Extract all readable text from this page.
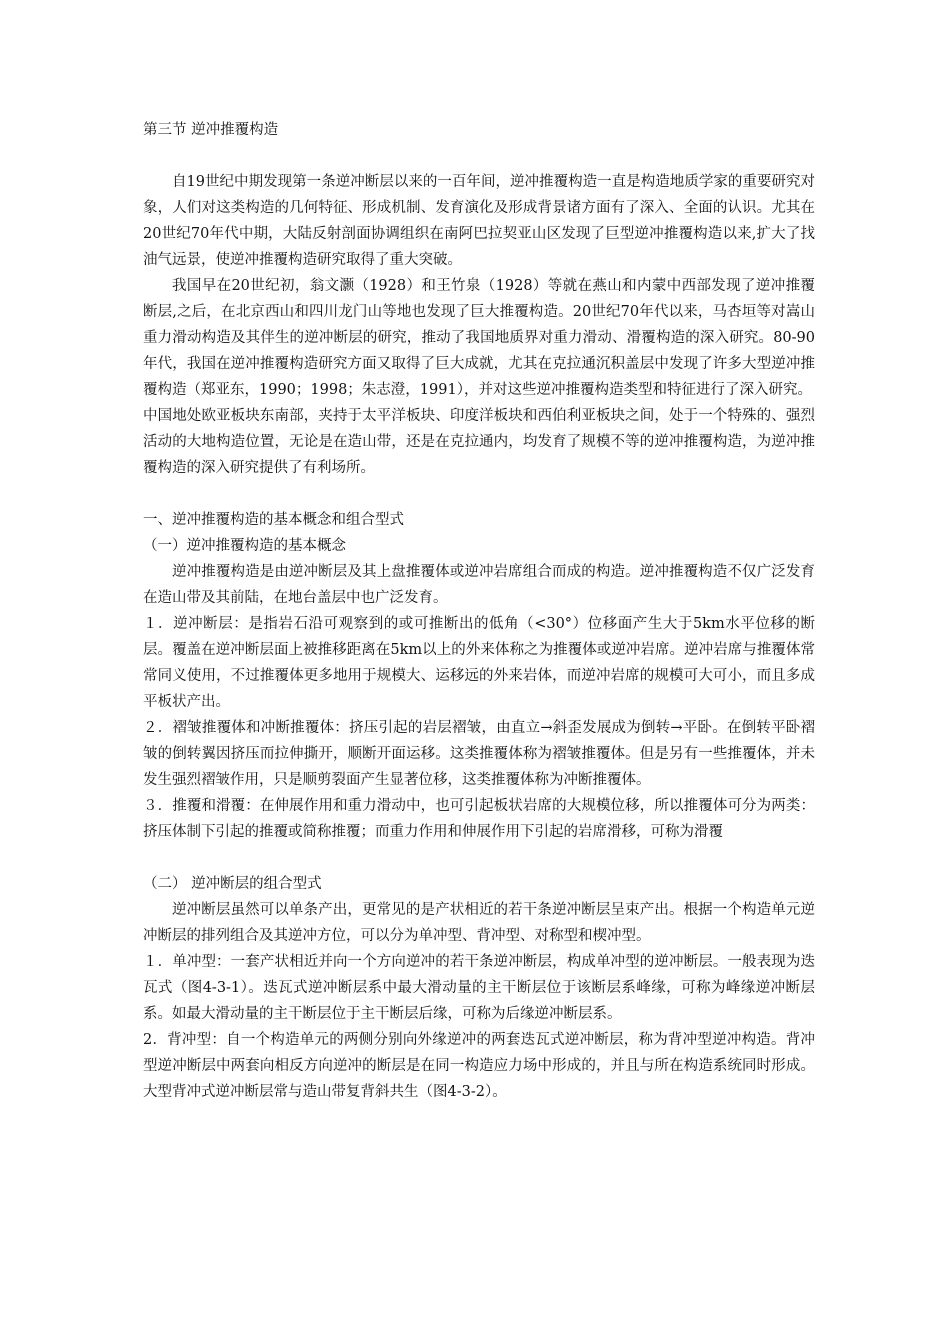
第三节 逆冲推覆构造

自19世纪中期发现第一条逆冲断层以来的一百年间，逆冲推覆构造一直是构造地质学家的重要研究对象，人们对这类构造的几何特征、形成机制、发育演化及形成背景诸方面有了深入、全面的认识。尤其在20世纪70年代中期，大陆反射剖面协调组织在南阿巴拉契亚山区发现了巨型逆冲推覆构造以来,扩大了找油气远景，使逆冲推覆构造研究取得了重大突破。

我国早在20世纪初，翁文灏（1928）和王竹泉（1928）等就在燕山和内蒙中西部发现了逆冲推覆断层,之后，在北京西山和四川龙门山等地也发现了巨大推覆构造。20世纪70年代以来，马杏垣等对嵩山重力滑动构造及其伴生的逆冲断层的研究，推动了我国地质界对重力滑动、滑覆构造的深入研究。80-90年代，我国在逆冲推覆构造研究方面又取得了巨大成就，尤其在克拉通沉积盖层中发现了许多大型逆冲推覆构造（郑亚东，1990；1998；朱志澄，1991），并对这些逆冲推覆构造类型和特征进行了深入研究。

中国地处欧亚板块东南部，夹持于太平洋板块、印度洋板块和西伯利亚板块之间，处于一个特殊的、强烈活动的大地构造位置，无论是在造山带，还是在克拉通内，均发育了规模不等的逆冲推覆构造，为逆冲推覆构造的深入研究提供了有利场所。

一、逆冲推覆构造的基本概念和组合型式

（一）逆冲推覆构造的基本概念

逆冲推覆构造是由逆冲断层及其上盘推覆体或逆冲岩席组合而成的构造。逆冲推覆构造不仅广泛发育在造山带及其前陆，在地台盖层中也广泛发育。

１．逆冲断层：是指岩石沿可观察到的或可推断出的低角（<30°）位移面产生大于5km水平位移的断层。覆盖在逆冲断层面上被推移距离在5km以上的外来体称之为推覆体或逆冲岩席。逆冲岩席与推覆体常常同义使用，不过推覆体更多地用于规模大、运移远的外来岩体，而逆冲岩席的规模可大可小，而且多成平板状产出。

２．褶皱推覆体和冲断推覆体：挤压引起的岩层褶皱，由直立→斜歪发展成为倒转→平卧。在倒转平卧褶皱的倒转翼因挤压而拉伸撕开，顺断开面运移。这类推覆体称为褶皱推覆体。但是另有一些推覆体，并未发生强烈褶皱作用，只是顺剪裂面产生显著位移，这类推覆体称为冲断推覆体。

３．推覆和滑覆：在伸展作用和重力滑动中，也可引起板状岩席的大规模位移，所以推覆体可分为两类：挤压体制下引起的推覆或简称推覆；而重力作用和伸展作用下引起的岩席滑移，可称为滑覆

（二） 逆冲断层的组合型式

逆冲断层虽然可以单条产出，更常见的是产状相近的若干条逆冲断层呈束产出。根据一个构造单元逆冲断层的排列组合及其逆冲方位，可以分为单冲型、背冲型、对称型和楔冲型。

１．单冲型：一套产状相近并向一个方向逆冲的若干条逆冲断层，构成单冲型的逆冲断层。一般表现为迭瓦式（图4-3-1）。迭瓦式逆冲断层系中最大滑动量的主干断层位于该断层系峰缘，可称为峰缘逆冲断层系。如最大滑动量的主干断层位于主干断层后缘，可称为后缘逆冲断层系。

2．背冲型：自一个构造单元的两侧分别向外缘逆冲的两套迭瓦式逆冲断层，称为背冲型逆冲构造。背冲型逆冲断层中两套向相反方向逆冲的断层是在同一构造应力场中形成的，并且与所在构造系统同时形成。大型背冲式逆冲断层常与造山带复背斜共生（图4-3-2）。
